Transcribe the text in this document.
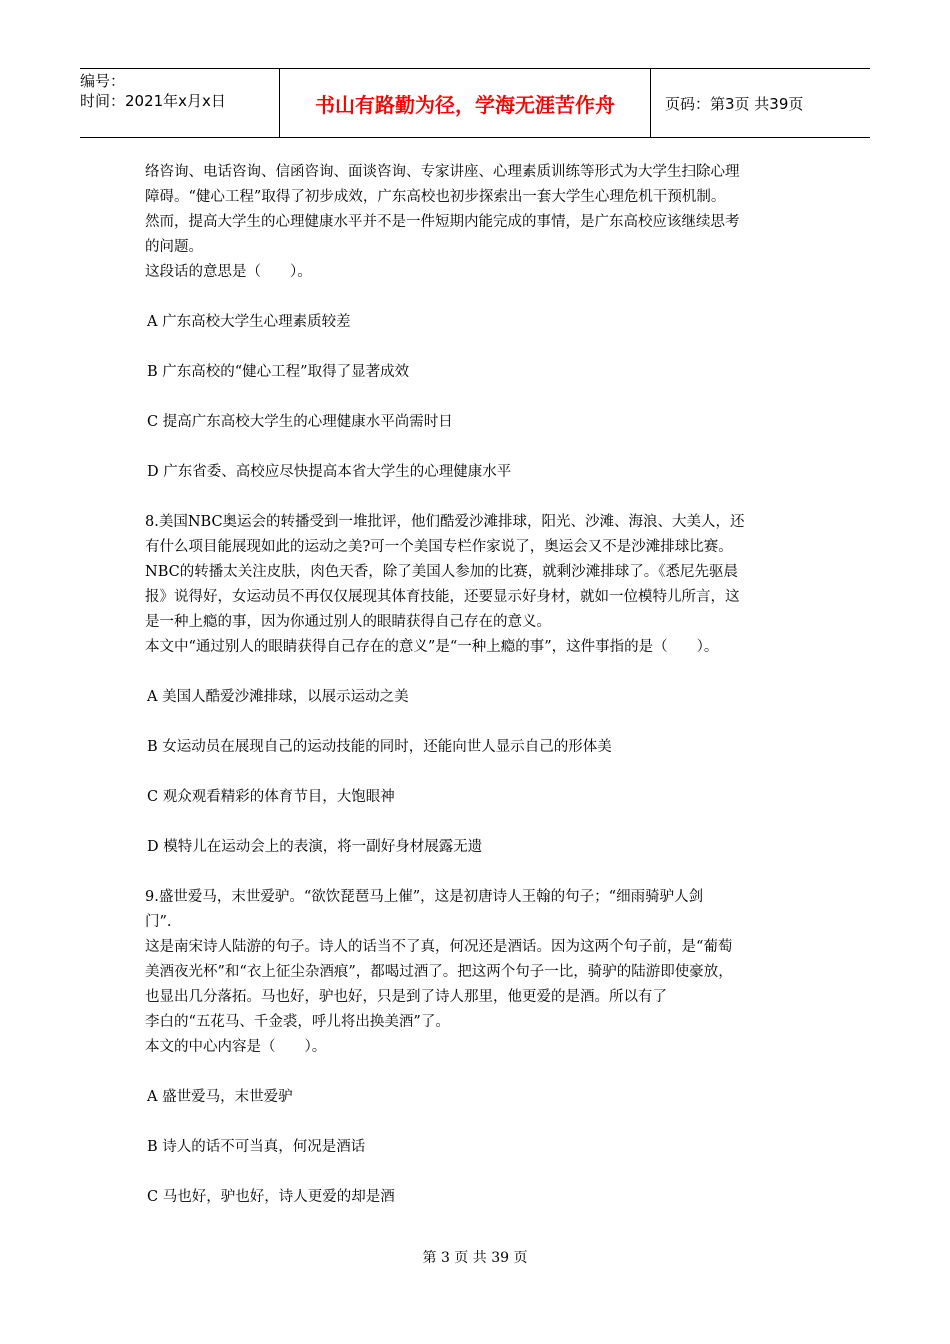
编号：
时间：2021年x月x日	书山有路勤为径，学海无涯苦作舟	页码：第3页 共39页

络咨询、电话咨询、信函咨询、面谈咨询、专家讲座、心理素质训练等形式为大学生扫除心理

障碍。“健心工程”取得了初步成效，广东高校也初步探索出一套大学生心理危机干预机制。

然而，提高大学生的心理健康水平并不是一件短期内能完成的事情，是广东高校应该继续思考

的问题。

这段话的意思是（　　）。

A 广东高校大学生心理素质较差

B 广东高校的“健心工程”取得了显著成效

C 提高广东高校大学生的心理健康水平尚需时日

D 广东省委、高校应尽快提高本省大学生的心理健康水平

8.美国NBC奥运会的转播受到一堆批评，他们酷爱沙滩排球，阳光、沙滩、海浪、大美人，还

有什么项目能展现如此的运动之美?可一个美国专栏作家说了，奥运会又不是沙滩排球比赛。

NBC的转播太关注皮肤，肉色天香，除了美国人参加的比赛，就剩沙滩排球了。《悉尼先驱晨

报》说得好，女运动员不再仅仅展现其体育技能，还要显示好身材，就如一位模特儿所言，这

是一种上瘾的事，因为你通过别人的眼睛获得自己存在的意义。

本文中“通过别人的眼睛获得自己存在的意义”是“一种上瘾的事”，这件事指的是（　　）。

A 美国人酷爱沙滩排球，以展示运动之美

B 女运动员在展现自己的运动技能的同时，还能向世人显示自己的形体美

C 观众观看精彩的体育节目，大饱眼神

D 模特儿在运动会上的表演，将一副好身材展露无遗

9.盛世爱马，末世爱驴。“欲饮琵琶马上催”，这是初唐诗人王翰的句子；“细雨骑驴人剑

门”.

这是南宋诗人陆游的句子。诗人的话当不了真，何况还是酒话。因为这两个句子前，是“葡萄

美酒夜光杯”和“衣上征尘杂酒痕”，都喝过酒了。把这两个句子一比，骑驴的陆游即使豪放，

也显出几分落拓。马也好，驴也好，只是到了诗人那里，他更爱的是酒。所以有了

李白的“五花马、千金裘，呼儿将出换美酒”了。

本文的中心内容是（　　）。

A 盛世爱马，末世爱驴

B 诗人的话不可当真，何况是酒话

C 马也好，驴也好，诗人更爱的却是酒

第 3 页 共 39 页
